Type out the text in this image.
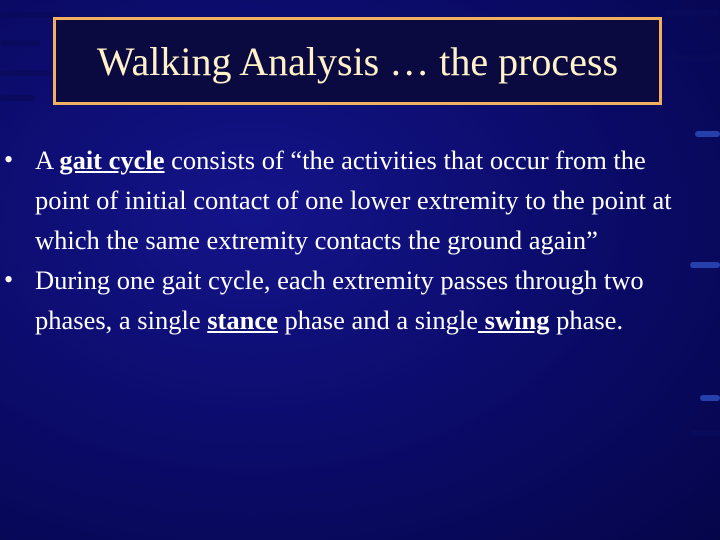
Walking Analysis … the process
• A gait cycle consists of “the activities that occur from the point of initial contact of one lower extremity to the point at which the same extremity contacts the ground again”
• During one gait cycle, each extremity passes through two phases, a single stance phase and a single swing phase.
